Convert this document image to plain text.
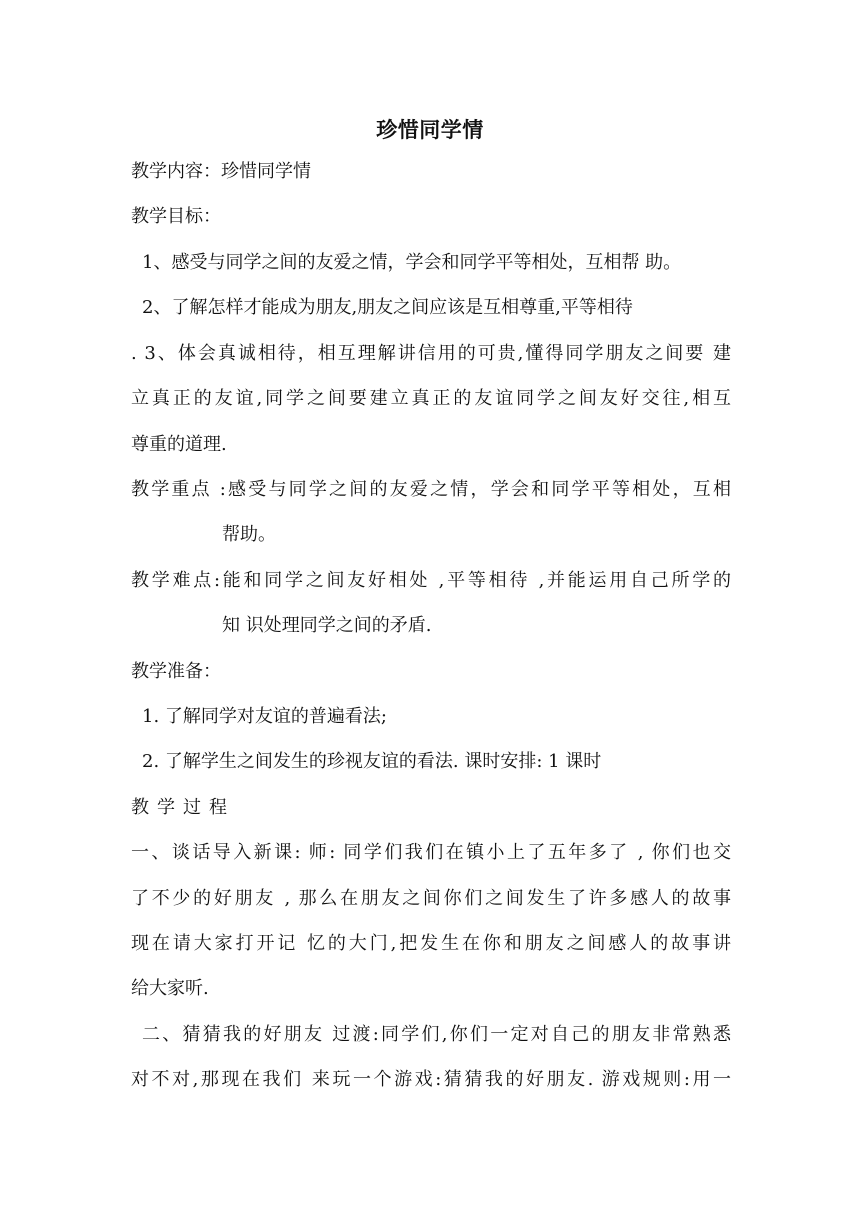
珍惜同学情
教学内容：珍惜同学情
教学目标：
1、感受与同学之间的友爱之情，学会和同学平等相处，互相帮 助。
2、了解怎样才能成为朋友,朋友之间应该是互相尊重,平等相待
. 3、体会真诚相待，相互理解讲信用的可贵,懂得同学朋友之间要 建
立真正的友谊,同学之间要建立真正的友谊同学之间友好交往,相互
尊重的道理.
教学重点 :感受与同学之间的友爱之情，学会和同学平等相处，互相
帮助。
教学难点:能和同学之间友好相处 ,平等相待 ,并能运用自己所学的
知 识处理同学之间的矛盾.
教学准备：
1. 了解同学对友谊的普遍看法;
2. 了解学生之间发生的珍视友谊的看法. 课时安排: 1 课时
教学过程
一、谈话导入新课: 师: 同学们我们在镇小上了五年多了 , 你们也交
了不少的好朋友 , 那么在朋友之间你们之间发生了许多感人的故事
现在请大家打开记 忆的大门,把发生在你和朋友之间感人的故事讲
给大家听.
二、猜猜我的好朋友 过渡:同学们,你们一定对自己的朋友非常熟悉
对不对,那现在我们 来玩一个游戏:猜猜我的好朋友. 游戏规则:用一
